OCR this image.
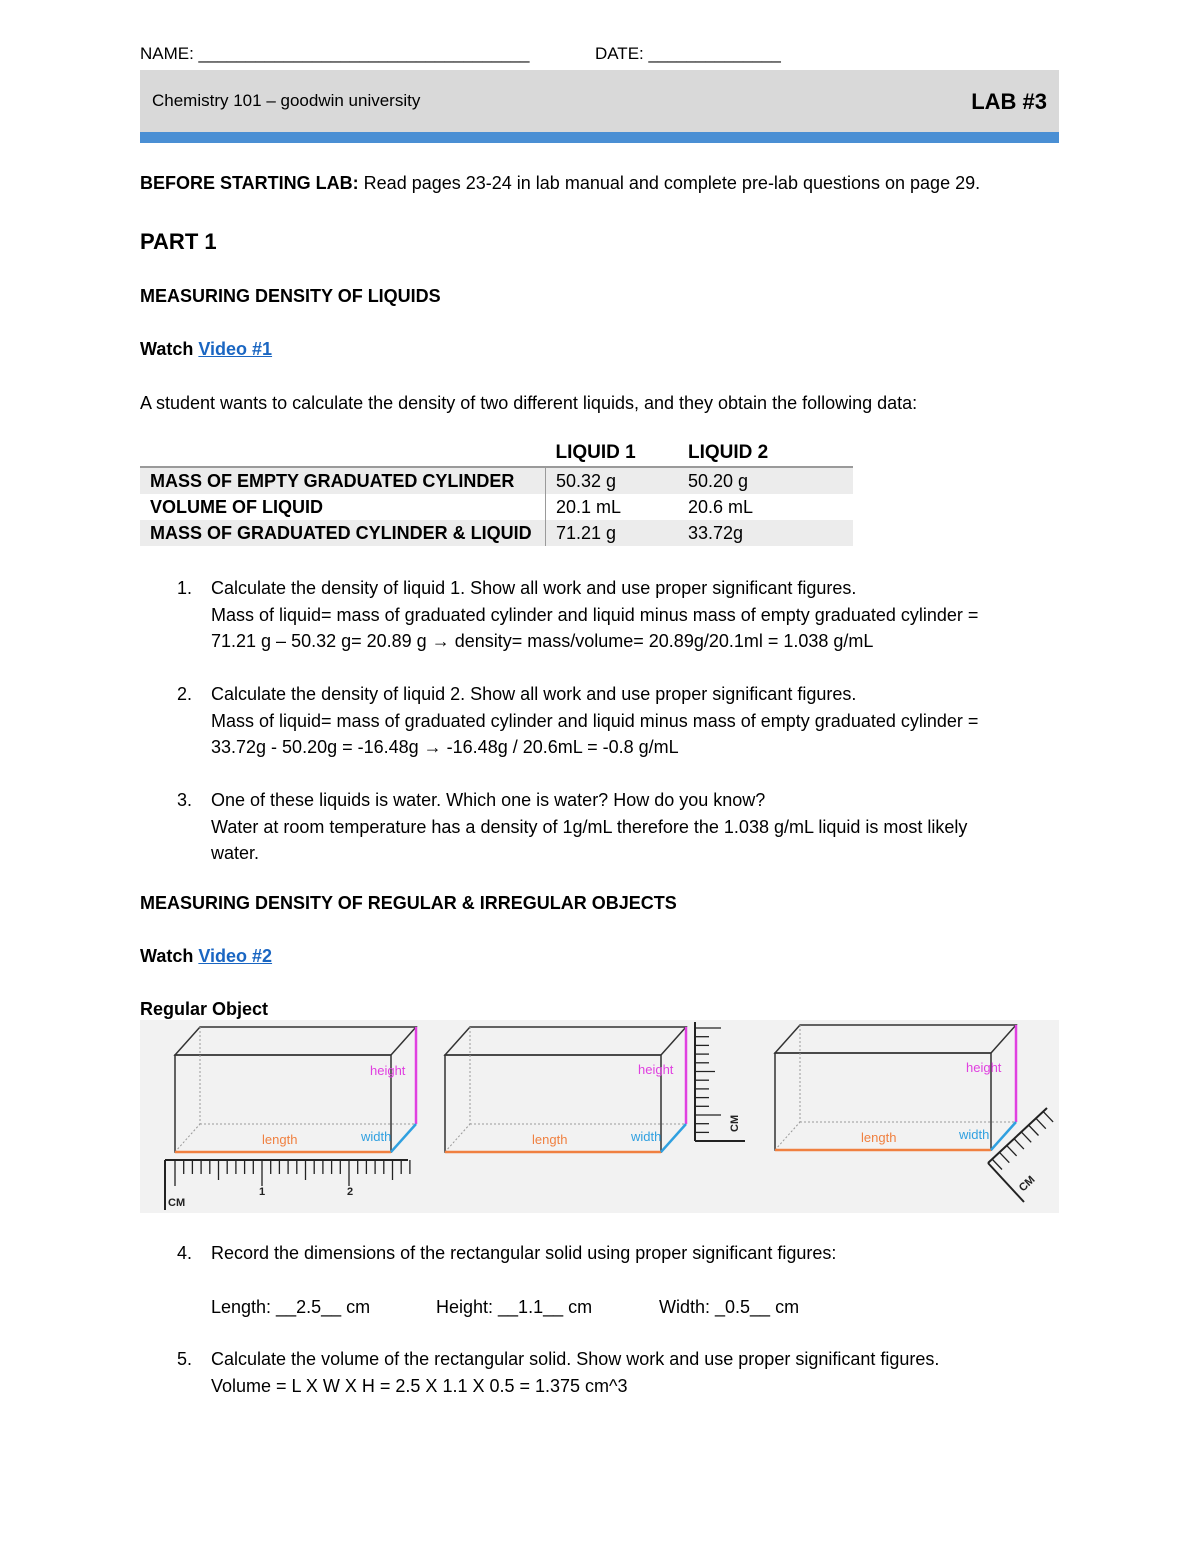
NAME: ___________________________________	DATE: ______________
Chemistry 101 – goodwin university	LAB #3
BEFORE STARTING LAB: Read pages 23-24 in lab manual and complete pre-lab questions on page 29.
PART 1
MEASURING DENSITY OF LIQUIDS
Watch Video #1
A student wants to calculate the density of two different liquids, and they obtain the following data:
	LIQUID 1	LIQUID 2
MASS OF EMPTY GRADUATED CYLINDER	50.32 g	50.20 g
VOLUME OF LIQUID	20.1 mL	20.6 mL
MASS OF GRADUATED CYLINDER & LIQUID	71.21 g	33.72g
1. Calculate the density of liquid 1. Show all work and use proper significant figures.
Mass of liquid= mass of graduated cylinder and liquid minus mass of empty graduated cylinder =
71.21 g – 50.32 g= 20.89 g → density= mass/volume= 20.89g/20.1ml = 1.038 g/mL
2. Calculate the density of liquid 2. Show all work and use proper significant figures.
Mass of liquid= mass of graduated cylinder and liquid minus mass of empty graduated cylinder =
33.72g - 50.20g = -16.48g → -16.48g / 20.6mL = -0.8 g/mL
3. One of these liquids is water. Which one is water? How do you know?
Water at room temperature has a density of 1g/mL therefore the 1.038 g/mL liquid is most likely
water.
MEASURING DENSITY OF REGULAR & IRREGULAR OBJECTS
Watch Video #2
Regular Object
height
length	width
CM
1	2
height
length	width
CM
height
length	width
CM
4. Record the dimensions of the rectangular solid using proper significant figures:
Length: __2.5__ cm	Height: __1.1__ cm	Width: _0.5__ cm
5. Calculate the volume of the rectangular solid. Show work and use proper significant figures.
Volume = L X W X H = 2.5 X 1.1 X 0.5 = 1.375 cm^3
